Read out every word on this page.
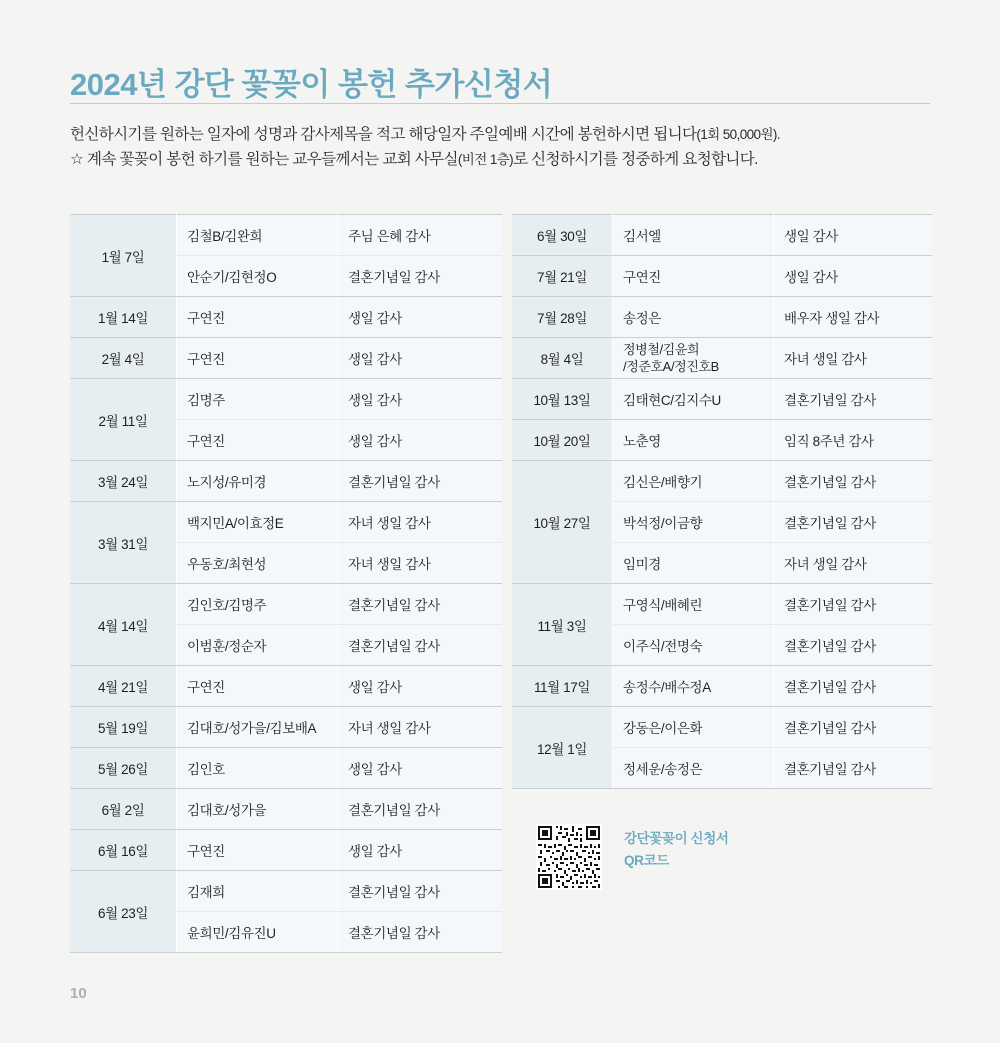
2024년 강단 꽃꽂이 봉헌 추가신청서
헌신하시기를 원하는 일자에 성명과 감사제목을 적고 해당일자 주일예배 시간에 봉헌하시면 됩니다(1회 50,000원).
☆ 계속 꽃꽂이 봉헌 하기를 원하는 교우들께서는 교회 사무실(비전 1층)로 신청하시기를 정중하게 요청합니다.
1월 7일	김철B/김완희	주님 은혜 감사
	안순기/김현정O	결혼기념일 감사
1월 14일	구연진	생일 감사
2월 4일	구연진	생일 감사
2월 11일	김명주	생일 감사
	구연진	생일 감사
3월 24일	노지성/유미경	결혼기념일 감사
3월 31일	백지민A/이효정E	자녀 생일 감사
	우동호/최현성	자녀 생일 감사
4월 14일	김인호/김명주	결혼기념일 감사
	이범훈/정순자	결혼기념일 감사
4월 21일	구연진	생일 감사
5월 19일	김대호/성가을/김보배A	자녀 생일 감사
5월 26일	김인호	생일 감사
6월 2일	김대호/성가을	결혼기념일 감사
6월 16일	구연진	생일 감사
6월 23일	김재희	결혼기념일 감사
	윤희민/김유진U	결혼기념일 감사
6월 30일	김서엘	생일 감사
7월 21일	구연진	생일 감사
7월 28일	송정은	배우자 생일 감사
8월 4일	정병철/김윤희
/정준호A/정진호B	자녀 생일 감사
10월 13일	김태현C/김지수U	결혼기념일 감사
10월 20일	노춘영	임직 8주년 감사
10월 27일	김신은/배향기	결혼기념일 감사
	박석정/이금향	결혼기념일 감사
	임미경	자녀 생일 감사
11월 3일	구영식/배혜린	결혼기념일 감사
	이주식/전명숙	결혼기념일 감사
11월 17일	송정수/배수정A	결혼기념일 감사
12월 1일	강동은/이은화	결혼기념일 감사
	정세운/송정은	결혼기념일 감사
강단꽃꽂이 신청서
QR코드
10
